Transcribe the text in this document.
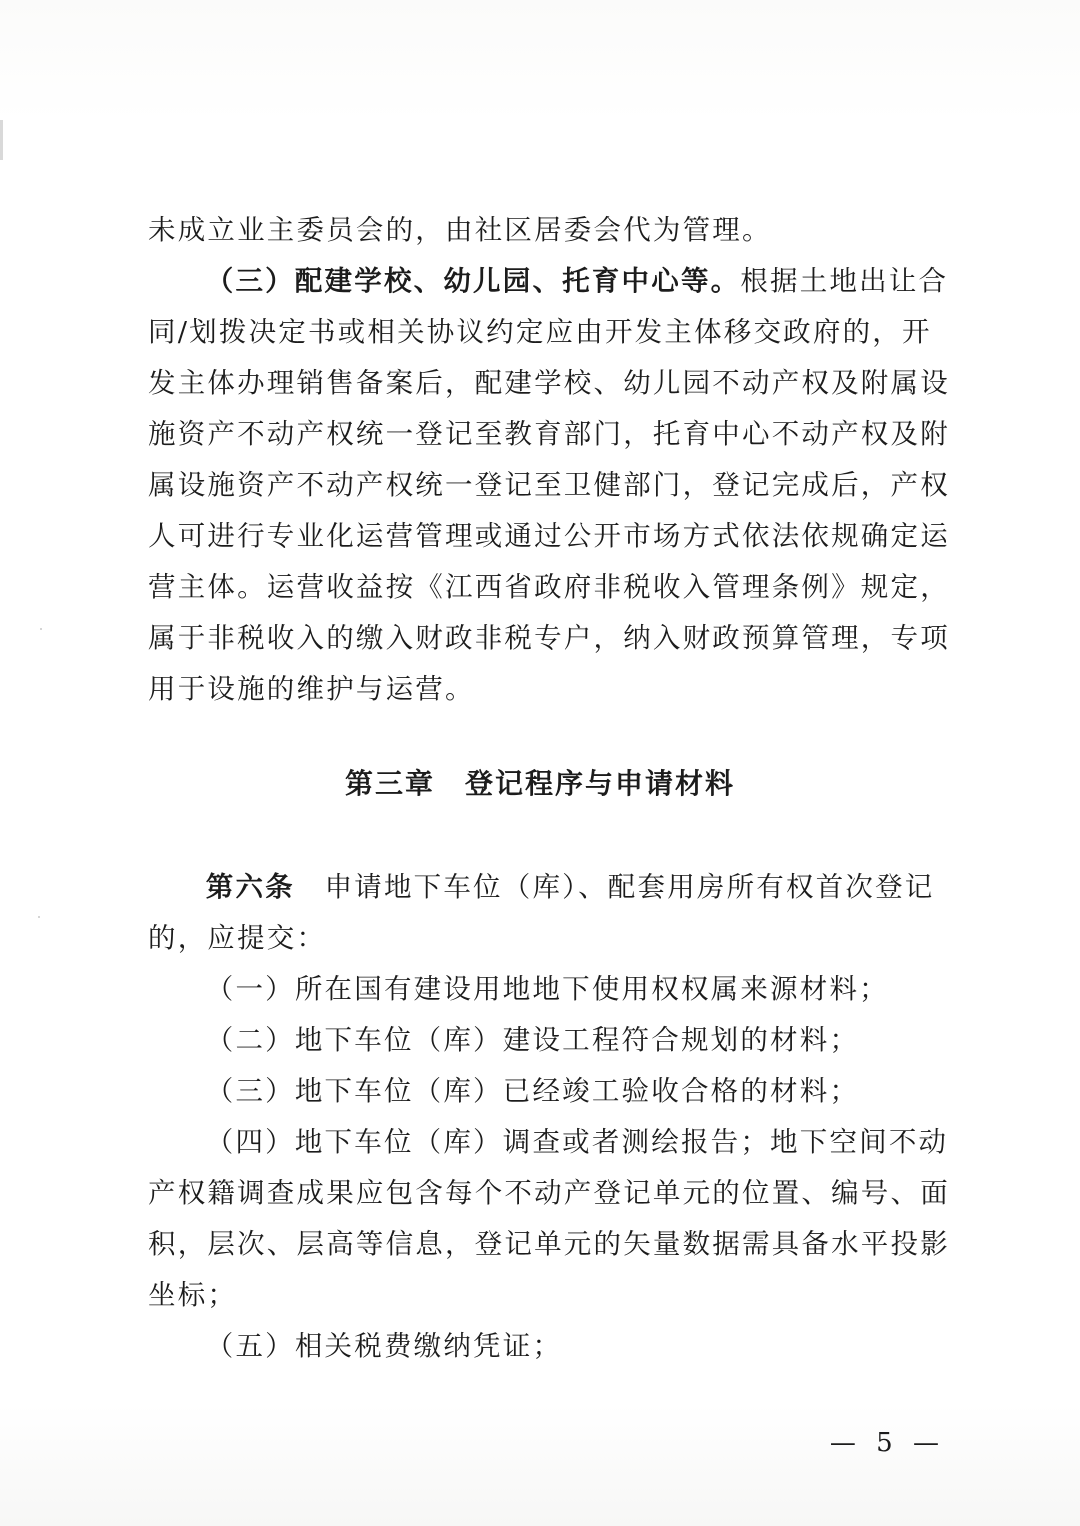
未成立业主委员会的，由社区居委会代为管理。

（三）配建学校、幼儿园、托育中心等。根据土地出让合同/划拨决定书或相关协议约定应由开发主体移交政府的，开发主体办理销售备案后，配建学校、幼儿园不动产权及附属设施资产不动产权统一登记至教育部门，托育中心不动产权及附属设施资产不动产权统一登记至卫健部门，登记完成后，产权人可进行专业化运营管理或通过公开市场方式依法依规确定运营主体。运营收益按《江西省政府非税收入管理条例》规定，属于非税收入的缴入财政非税专户，纳入财政预算管理，专项用于设施的维护与运营。

第三章 登记程序与申请材料

第六条　 申请地下车位（库）、配套用房所有权首次登记的，应提交：

（一）所在国有建设用地地下使用权权属来源材料；

（二）地下车位（库）建设工程符合规划的材料；

（三）地下车位（库）已经竣工验收合格的材料；

（四）地下车位（库）调查或者测绘报告；地下空间不动产权籍调查成果应包含每个不动产登记单元的位置、编号、面积，层次、层高等信息，登记单元的矢量数据需具备水平投影坐标；

（五）相关税费缴纳凭证；

— 5 —
